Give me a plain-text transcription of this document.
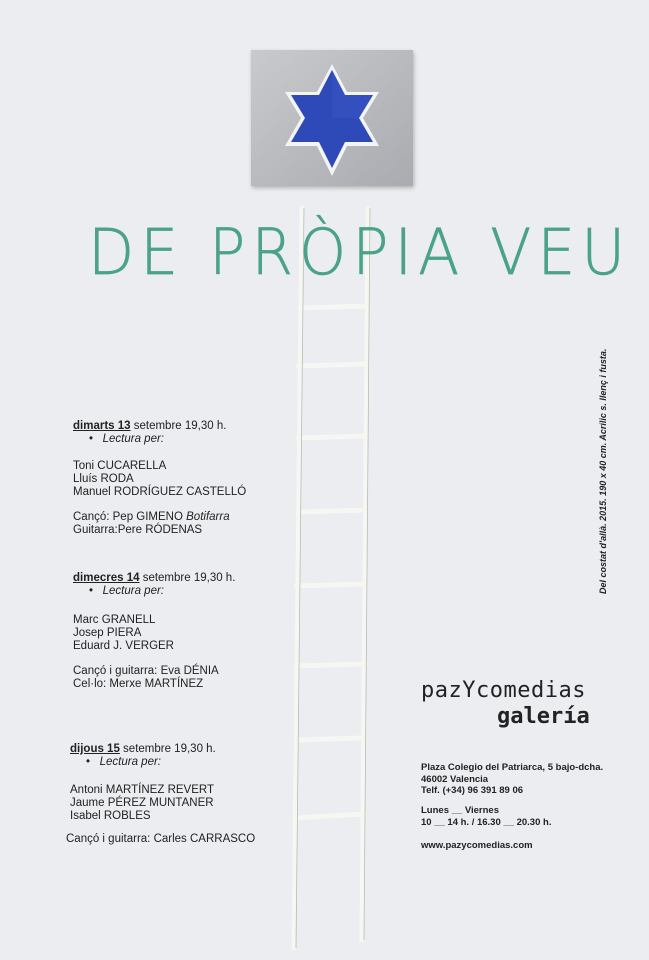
DE PRÒPIA VEU
Del costat d'allà. 2015. 190 x 40 cm. Acrílic s. llenç i fusta.
dimarts 13 setembre 19,30 h.
• Lectura per:
Toni CUCARELLA
Lluís RODA
Manuel RODRÍGUEZ CASTELLÓ
Cançó: Pep GIMENO Botifarra
Guitarra:Pere RÓDENAS
dimecres 14 setembre 19,30 h.
• Lectura per:
Marc GRANELL
Josep PIERA
Eduard J. VERGER
Cançó i guitarra: Eva DÉNIA
Cel·lo: Merxe MARTÍNEZ
dijous 15 setembre 19,30 h.
• Lectura per:
Antoni MARTÍNEZ REVERT
Jaume PÉREZ MUNTANER
Isabel ROBLES
Cançó i guitarra: Carles CARRASCO
pazYcomedias
galería
Plaza Colegio del Patriarca, 5 bajo-dcha.
46002 Valencia
Telf. (+34) 96 391 89 06
Lunes __ Viernes
10 __ 14 h. / 16.30 __ 20.30 h.
www.pazycomedias.com
